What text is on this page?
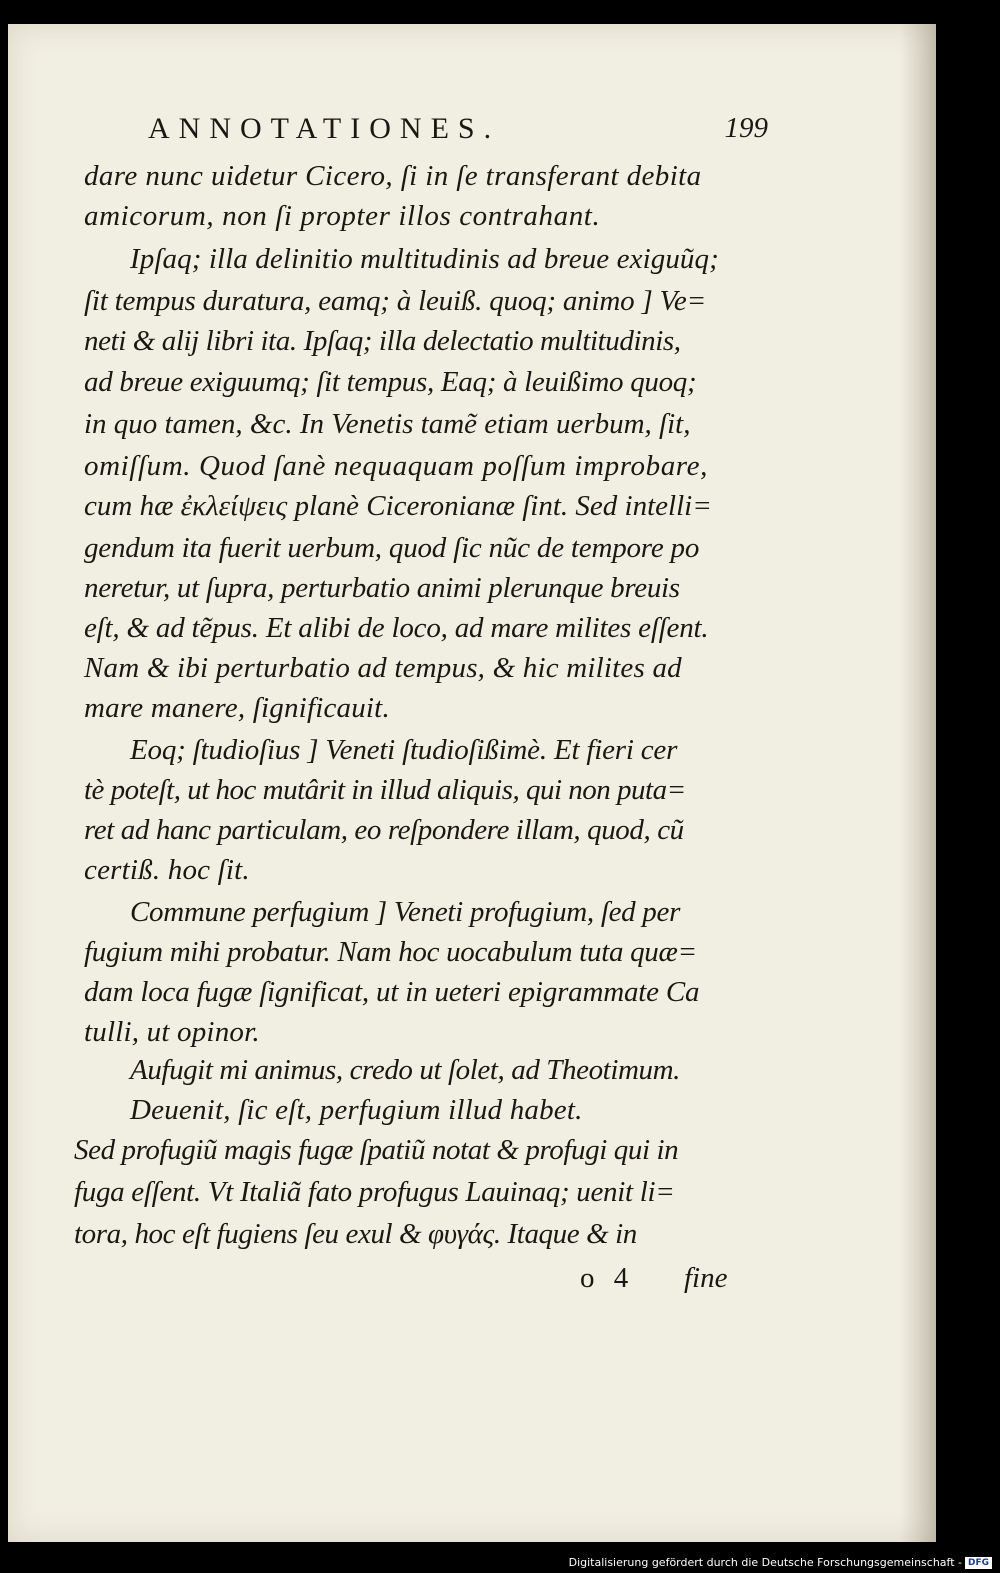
ANNOTATIONES.	199
dare nunc uidetur Cicero, ſi in ſe transferant debita
amicorum, non ſi propter illos contrahant.
Ipſaq; illa delinitio multitudinis ad breue exiguũq;
ſit tempus duratura, eamq; à leuiß. quoq; animo ] Ve=
neti & alij libri ita. Ipſaq; illa delectatio multitudinis,
ad breue exiguumq; ſit tempus, Eaq; à leuißimo quoq;
in quo tamen, &c. In Venetis tamẽ etiam uerbum, ſit,
omiſſum. Quod ſanè nequaquam poſſum improbare,
cum hæ ἐκλείψεις planè Ciceronianæ ſint. Sed intelli=
gendum ita fuerit uerbum, quod ſic nũc de tempore po
neretur, ut ſupra, perturbatio animi plerunque breuis
eſt, & ad tẽpus. Et alibi de loco, ad mare milites eſſent.
Nam & ibi perturbatio ad tempus, & hic milites ad
mare manere, ſignificauit.
Eoq; ſtudioſius ] Veneti ſtudioſißimè. Et fieri cer
tè poteſt, ut hoc mutârit in illud aliquis, qui non puta=
ret ad hanc particulam, eo reſpondere illam, quod, cũ
certiß. hoc ſit.
Commune perfugium ] Veneti profugium, ſed per
fugium mihi probatur. Nam hoc uocabulum tuta quæ=
dam loca fugæ ſignificat, ut in ueteri epigrammate Ca
tulli, ut opinor.
Aufugit mi animus, credo ut ſolet, ad Theotimum.
Deuenit, ſic eſt, perfugium illud habet.
Sed profugiũ magis fugæ ſpatiũ notat & profugi qui in
fuga eſſent. Vt Italiã fato profugus Lauinaq; uenit li=
tora, hoc eſt fugiens ſeu exul & φυγάς. Itaque & in
o 4 fine
Digitalisierung gefördert durch die Deutsche Forschungsgemeinschaft - DFG
